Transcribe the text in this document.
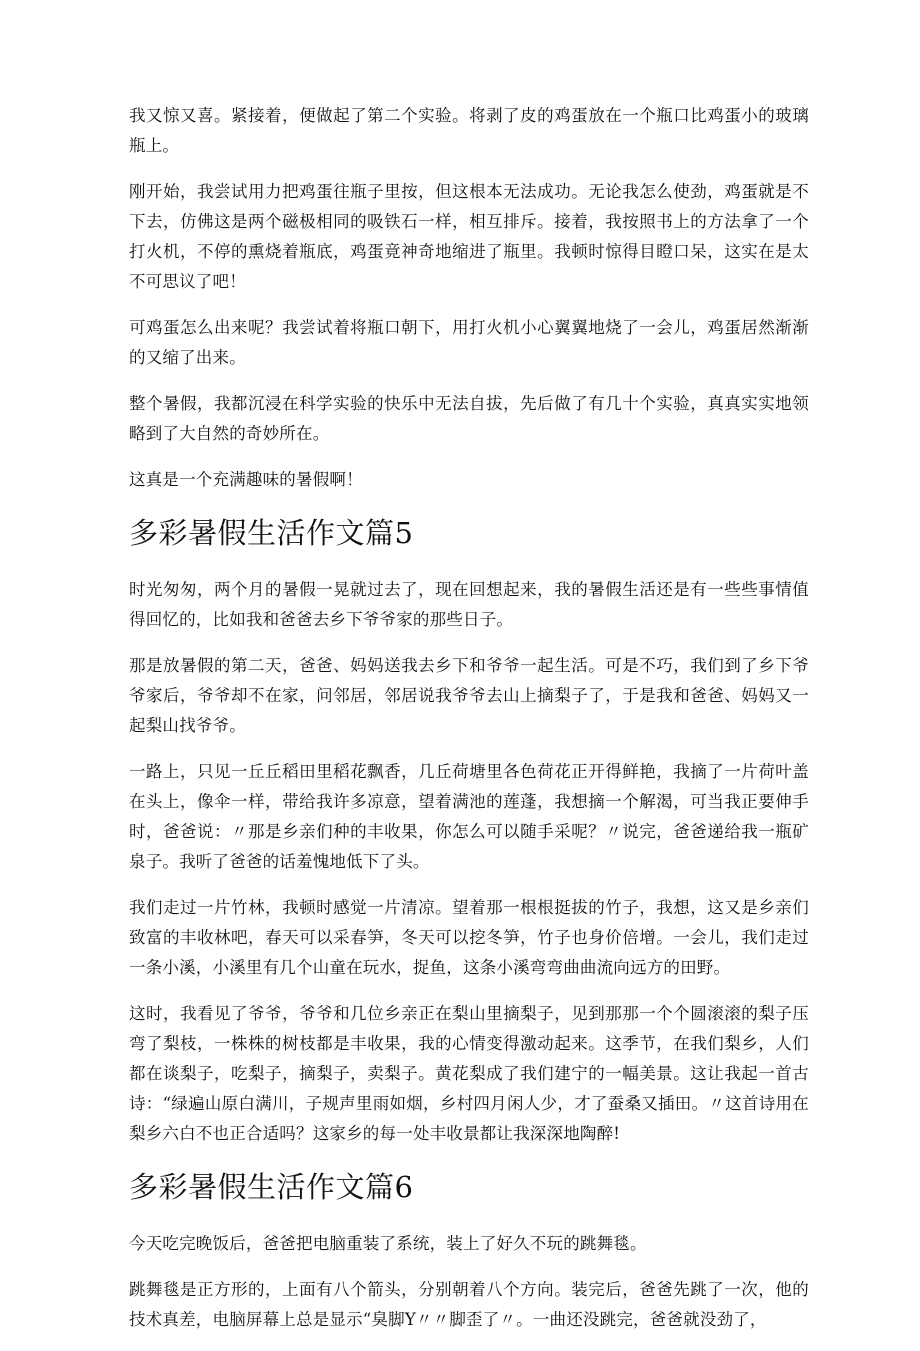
我又惊又喜。紧接着，便做起了第二个实验。将剥了皮的鸡蛋放在一个瓶口比鸡蛋小的玻璃瓶上。

刚开始，我尝试用力把鸡蛋往瓶子里按，但这根本无法成功。无论我怎么使劲，鸡蛋就是不下去，仿佛这是两个磁极相同的吸铁石一样，相互排斥。接着，我按照书上的方法拿了一个打火机，不停的熏烧着瓶底，鸡蛋竟神奇地缩进了瓶里。我顿时惊得目瞪口呆，这实在是太不可思议了吧！

可鸡蛋怎么出来呢？我尝试着将瓶口朝下，用打火机小心翼翼地烧了一会儿，鸡蛋居然渐渐的又缩了出来。

整个暑假，我都沉浸在科学实验的快乐中无法自拔，先后做了有几十个实验，真真实实地领略到了大自然的奇妙所在。

这真是一个充满趣味的暑假啊！

多彩暑假生活作文篇5

时光匆匆，两个月的暑假一晃就过去了，现在回想起来，我的暑假生活还是有一些些事情值得回忆的，比如我和爸爸去乡下爷爷家的那些日子。

那是放暑假的第二天，爸爸、妈妈送我去乡下和爷爷一起生活。可是不巧，我们到了乡下爷爷家后，爷爷却不在家，问邻居，邻居说我爷爷去山上摘梨子了，于是我和爸爸、妈妈又一起梨山找爷爷。

一路上，只见一丘丘稻田里稻花飘香，几丘荷塘里各色荷花正开得鲜艳，我摘了一片荷叶盖在头上，像伞一样，带给我许多凉意，望着满池的莲蓬，我想摘一个解渴，可当我正要伸手时，爸爸说：〃那是乡亲们种的丰收果，你怎么可以随手采呢？〃说完，爸爸递给我一瓶矿泉子。我听了爸爸的话羞愧地低下了头。

我们走过一片竹林，我顿时感觉一片清凉。望着那一根根挺拔的竹子，我想，这又是乡亲们致富的丰收林吧，春天可以采春笋，冬天可以挖冬笋，竹子也身价倍增。一会儿，我们走过一条小溪，小溪里有几个山童在玩水，捉鱼，这条小溪弯弯曲曲流向远方的田野。

这时，我看见了爷爷，爷爷和几位乡亲正在梨山里摘梨子，见到那那一个个圆滚滚的梨子压弯了梨枝，一株株的树枝都是丰收果，我的心情变得激动起来。这季节，在我们梨乡，人们都在谈梨子，吃梨子，摘梨子，卖梨子。黄花梨成了我们建宁的一幅美景。这让我起一首古诗：“绿遍山原白满川，子规声里雨如烟，乡村四月闲人少，才了蚕桑又插田。〃这首诗用在梨乡六白不也正合适吗？这家乡的每一处丰收景都让我深深地陶醉!

多彩暑假生活作文篇6

今天吃完晚饭后，爸爸把电脑重装了系统，装上了好久不玩的跳舞毯。

跳舞毯是正方形的，上面有八个箭头，分别朝着八个方向。装完后，爸爸先跳了一次，他的技术真差，电脑屏幕上总是显示“臭脚Y〃〃脚歪了〃。一曲还没跳完，爸爸就没劲了，
